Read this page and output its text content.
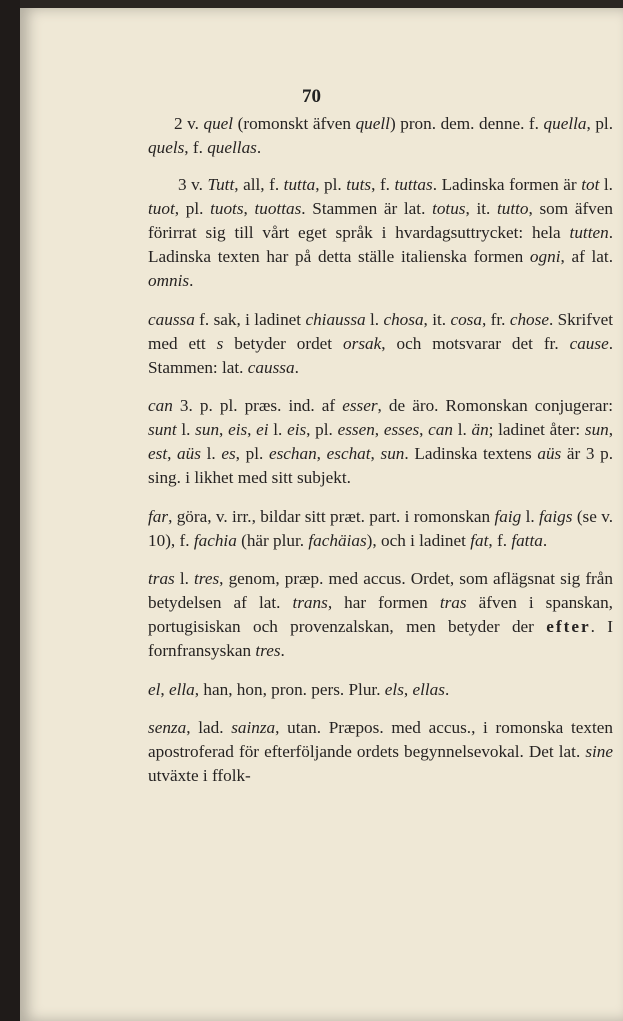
70

2 v. quel (romonskt äfven quell) pron. dem. denne. f. quella, pl. quels, f. quellas.

3 v. Tutt, all, f. tutta, pl. tuts, f. tuttas. Ladinska formen är tot l. tuot, pl. tuots, tuottas. Stammen är lat. totus, it. tutto, som äfven förirrat sig till vårt eget språk i hvardagsuttrycket: hela tutten. Ladinska texten har på detta ställe italienska formen ogni, af lat. omnis.

caussa f. sak, i ladinet chiaussa l. chosa, it. cosa, fr. chose. Skrifvet med ett s betyder ordet orsak, och motsvarar det fr. cause. Stammen: lat. caussa.

can 3. p. pl. præs. ind. af esser, de äro. Romonskan conjugerar: sunt l. sun, eis, ei l. eis, pl. essen, esses, can l. än; ladinet åter: sun, est, aüs l. es, pl. eschan, eschat, sun. Ladinska textens aüs är 3 p. sing. i likhet med sitt subjekt.

far, göra, v. irr., bildar sitt præt. part. i romonskan faig l. faigs (se v. 10), f. fachia (här plur. fachäias), och i ladinet fat, f. fatta.

tras l. tres, genom, præp. med accus. Ordet, som aflägsnat sig från betydelsen af lat. trans, har formen tras äfven i spanskan, portugisiskan och provenzalskan, men betyder der efter. I fornfransyskan tres.

el, ella, han, hon, pron. pers. Plur. els, ellas.

senza, lad. sainza, utan. Præpos. med accus., i romonska texten apostroferad för efterföljande ordets begynnelsevokal. Det lat. sine utväxte i ffolk-
